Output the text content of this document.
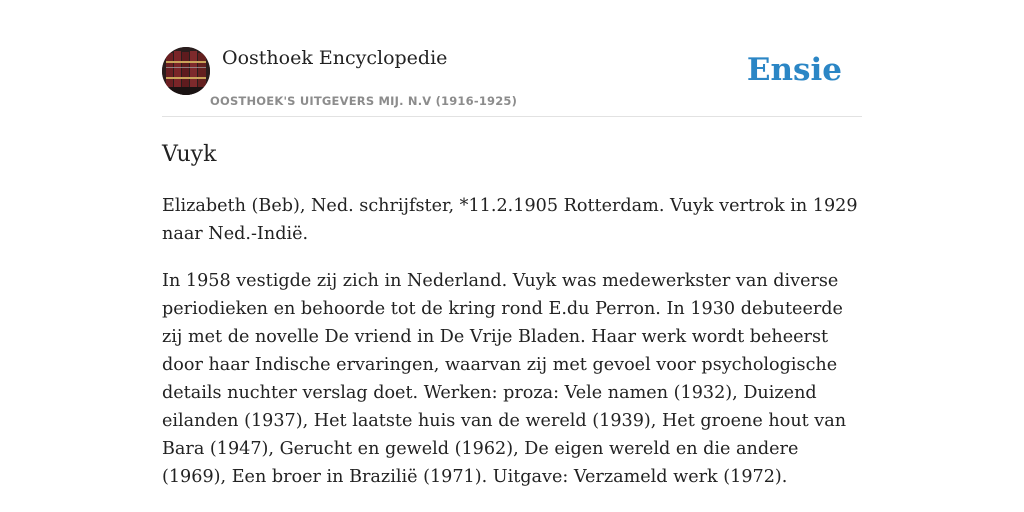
Oosthoek Encyclopedie
OOSTHOEK'S UITGEVERS MIJ. N.V (1916-1925)
Ensie
Vuyk

Elizabeth (Beb), Ned. schrijfster, *11.2.1905 Rotterdam. Vuyk vertrok in 1929 naar Ned.-Indië.

In 1958 vestigde zij zich in Nederland. Vuyk was medewerkster van diverse periodieken en behoorde tot de kring rond E.du Perron. In 1930 debuteerde zij met de novelle De vriend in De Vrije Bladen. Haar werk wordt beheerst door haar Indische ervaringen, waarvan zij met gevoel voor psychologische details nuchter verslag doet. Werken: proza: Vele namen (1932), Duizend eilanden (1937), Het laatste huis van de wereld (1939), Het groene hout van Bara (1947), Gerucht en geweld (1962), De eigen wereld en die andere (1969), Een broer in Brazilië (1971). Uitgave: Verzameld werk (1972).
